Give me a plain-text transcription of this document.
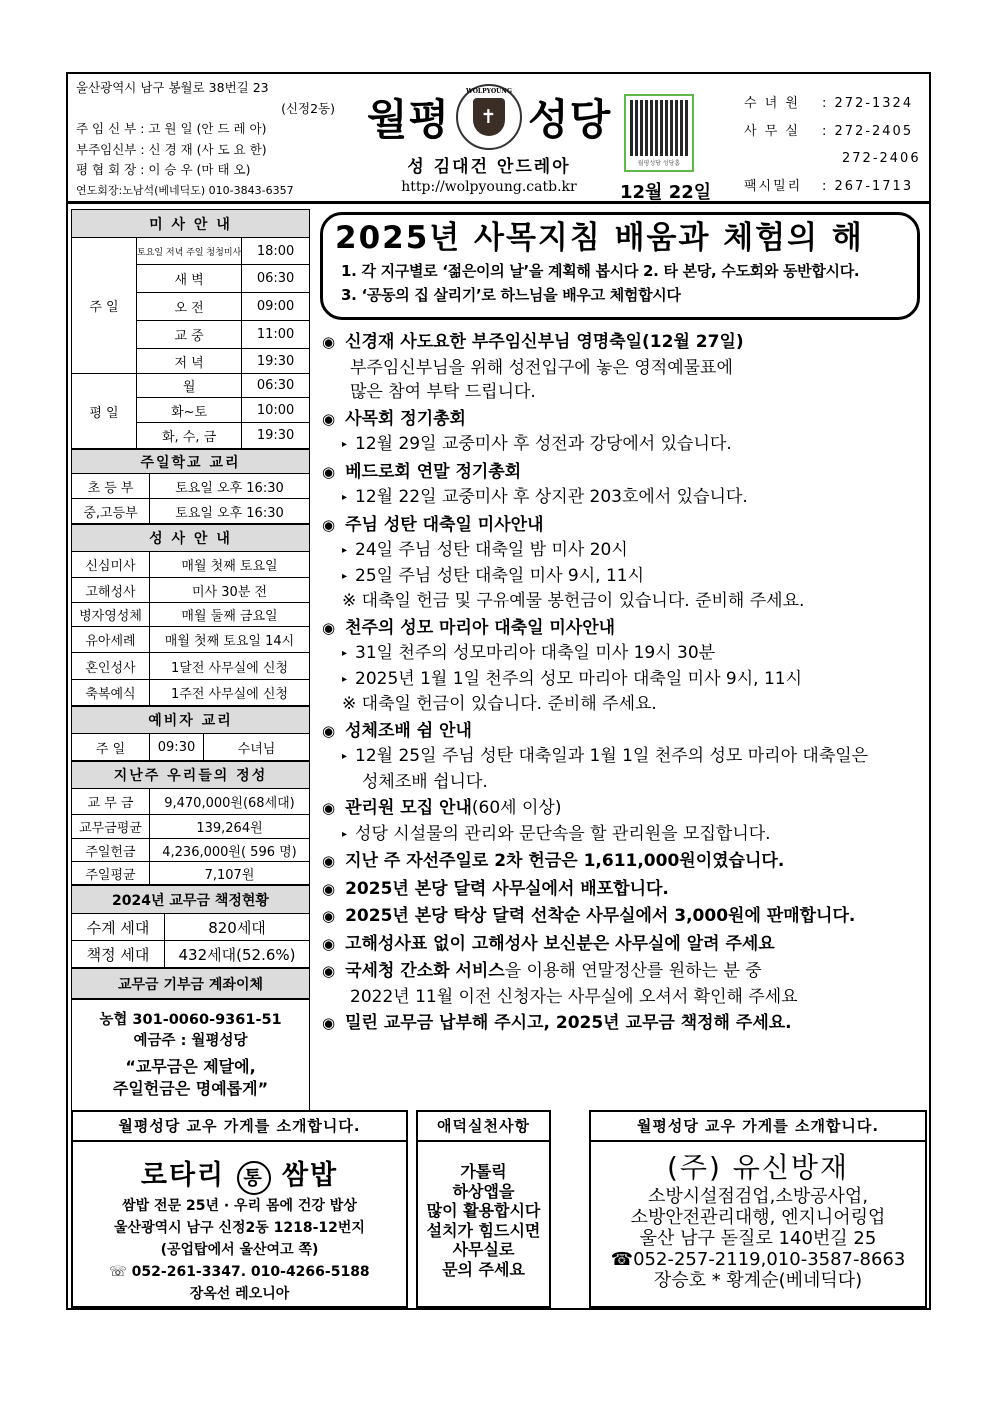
울산광역시 남구 봉월로 38번길 23
(신정2동)
주 임 신 부 : 고 원 일 (안 드 레 아)
부주임신부 : 신 경 재 (사 도 요 한)
평 협 회 장 : 이 승 우 (마 태 오)
연도회장:노남석(베네딕도) 010-3843-6357
월평
WOLPYOUNG
✝ 성당
성 김대건 안드레아
http://wolpyoung.catb.kr
월평성당 성당홈
12월 22일
수 녀 원	: 272-1324
사 무 실	: 272-2405
272-2406
팩시밀리	: 267-1713
미 사 안 내		
주 일	토요일 저녁 주일 청청미사	18:00
	새 벽	06:30
	오 전	09:00
	교 중	11:00
	저 녁	19:30
평 일	월	06:30
	화~토	10:00
	화, 수, 금	19:30
주일학교 교리	
초 등 부	토요일 오후 16:30
중,고등부	토요일 오후 16:30
성 사 안 내	
신심미사	매월 첫째 토요일
고해성사	미사 30분 전
병자영성체	매월 둘째 금요일
유아세례	매월 첫째 토요일 14시
혼인성사	1달전 사무실에 신청
축복예식	1주전 사무실에 신청
예비자 교리
주 일	09:30	수녀님
지난주 우리들의 정성	
교 무 금	9,470,000원(68세대)
교무금평균	139,264원
주일헌금	4,236,000원( 596 명)
주일평균	7,107원
2024년 교무금 책정현황	
수계 세대	820세대
책정 세대	432세대(52.6%)
교무금 기부금 계좌이체
농협 301-0060-9361-51
예금주 : 월평성당
“교무금은 제달에,
주일헌금은 명예롭게”
2025년 사목지침 배움과 체험의 해
1. 각 지구별로 ‘젊은이의 날’을 계획해 봅시다 2. 타 본당, 수도회와 동반합시다.
3. ‘공동의 집 살리기’로 하느님을 배우고 체험합시다
◉ 신경재 사도요한 부주임신부님 영명축일(12월 27일)
부주임신부님을 위해 성전입구에 놓은 영적예물표에
많은 참여 부탁 드립니다.
◉ 사목회 정기총회
▸ 12월 29일 교중미사 후 성전과 강당에서 있습니다.
◉ 베드로회 연말 정기총회
▸ 12월 22일 교중미사 후 상지관 203호에서 있습니다.
◉ 주님 성탄 대축일 미사안내
▸ 24일 주님 성탄 대축일 밤 미사 20시
▸ 25일 주님 성탄 대축일 미사 9시, 11시
※ 대축일 헌금 및 구유예물 봉헌금이 있습니다. 준비해 주세요.
◉ 천주의 성모 마리아 대축일 미사안내
▸ 31일 천주의 성모마리아 대축일 미사 19시 30분
▸ 2025년 1월 1일 천주의 성모 마리아 대축일 미사 9시, 11시
※ 대축일 헌금이 있습니다. 준비해 주세요.
◉ 성체조배 쉼 안내
▸ 12월 25일 주님 성탄 대축일과 1월 1일 천주의 성모 마리아 대축일은
성체조배 쉽니다.
◉ 관리원 모집 안내 (60세 이상)
▸ 성당 시설물의 관리와 문단속을 할 관리원을 모집합니다.
◉ 지난 주 자선주일로 2차 헌금은 1,611,000원이였습니다.
◉ 2025년 본당 달력 사무실에서 배포합니다.
◉ 2025년 본당 탁상 달력 선착순 사무실에서 3,000원에 판매합니다.
◉ 고해성사표 없이 고해성사 보신분은 사무실에 알려 주세요
◉ 국세청 간소화 서비스 을 이용해 연말정산를 원하는 분 중
2022년 11월 이전 신청자는 사무실에 오셔서 확인해 주세요
◉ 밀린 교무금 납부해 주시고, 2025년 교무금 책정해 주세요.
월평성당 교우 가게를 소개합니다.
로타리 통 쌈밥
쌈밥 전문 25년 · 우리 몸에 건강 밥상
울산광역시 남구 신정2동 1218-12번지
(공업탑에서 울산여고 쪽)
☏ 052-261-3347. 010-4266-5188
장옥선 레오니아
애덕실천사항
가톨릭
하상앱을
많이 활용합시다
설치가 힘드시면
사무실로
문의 주세요
월평성당 교우 가게를 소개합니다.
(주) 유신방재
소방시설점검업,소방공사업,
소방안전관리대행, 엔지니어링업
울산 남구 돋질로 140번길 25
☎052-257-2119,010-3587-8663
장승호 * 황계순(베네딕다)
